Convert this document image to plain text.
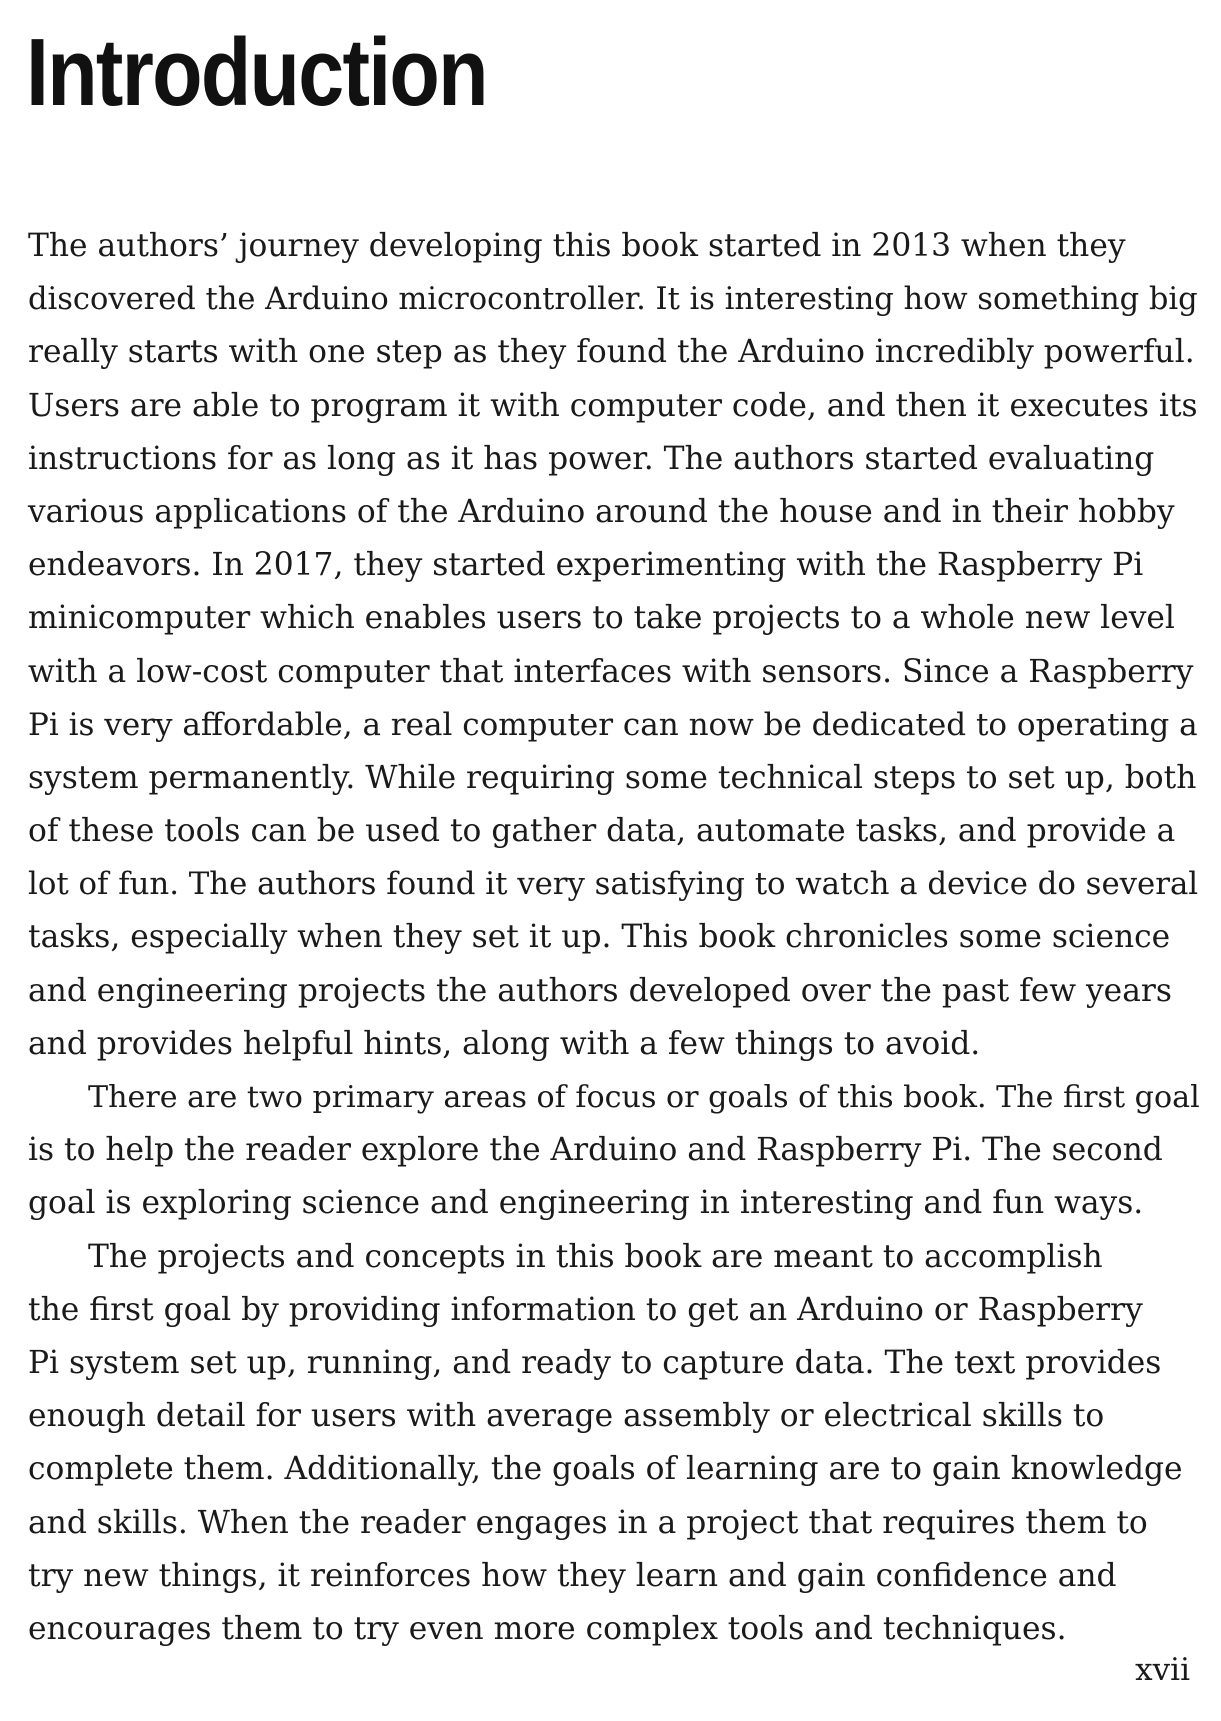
Introduction
The authors’ journey developing this book started in 2013 when they
discovered the Arduino microcontroller. It is interesting how something big
really starts with one step as they found the Arduino incredibly powerful.
Users are able to program it with computer code, and then it executes its
instructions for as long as it has power. The authors started evaluating
various applications of the Arduino around the house and in their hobby
endeavors. In 2017, they started experimenting with the Raspberry Pi
minicomputer which enables users to take projects to a whole new level
with a low-cost computer that interfaces with sensors. Since a Raspberry
Pi is very affordable, a real computer can now be dedicated to operating a
system permanently. While requiring some technical steps to set up, both
of these tools can be used to gather data, automate tasks, and provide a
lot of fun. The authors found it very satisfying to watch a device do several
tasks, especially when they set it up. This book chronicles some science
and engineering projects the authors developed over the past few years
and provides helpful hints, along with a few things to avoid.
There are two primary areas of focus or goals of this book. The first goal
is to help the reader explore the Arduino and Raspberry Pi. The second
goal is exploring science and engineering in interesting and fun ways.
The projects and concepts in this book are meant to accomplish
the first goal by providing information to get an Arduino or Raspberry
Pi system set up, running, and ready to capture data. The text provides
enough detail for users with average assembly or electrical skills to
complete them. Additionally, the goals of learning are to gain knowledge
and skills. When the reader engages in a project that requires them to
try new things, it reinforces how they learn and gain confidence and
encourages them to try even more complex tools and techniques.
xvii
